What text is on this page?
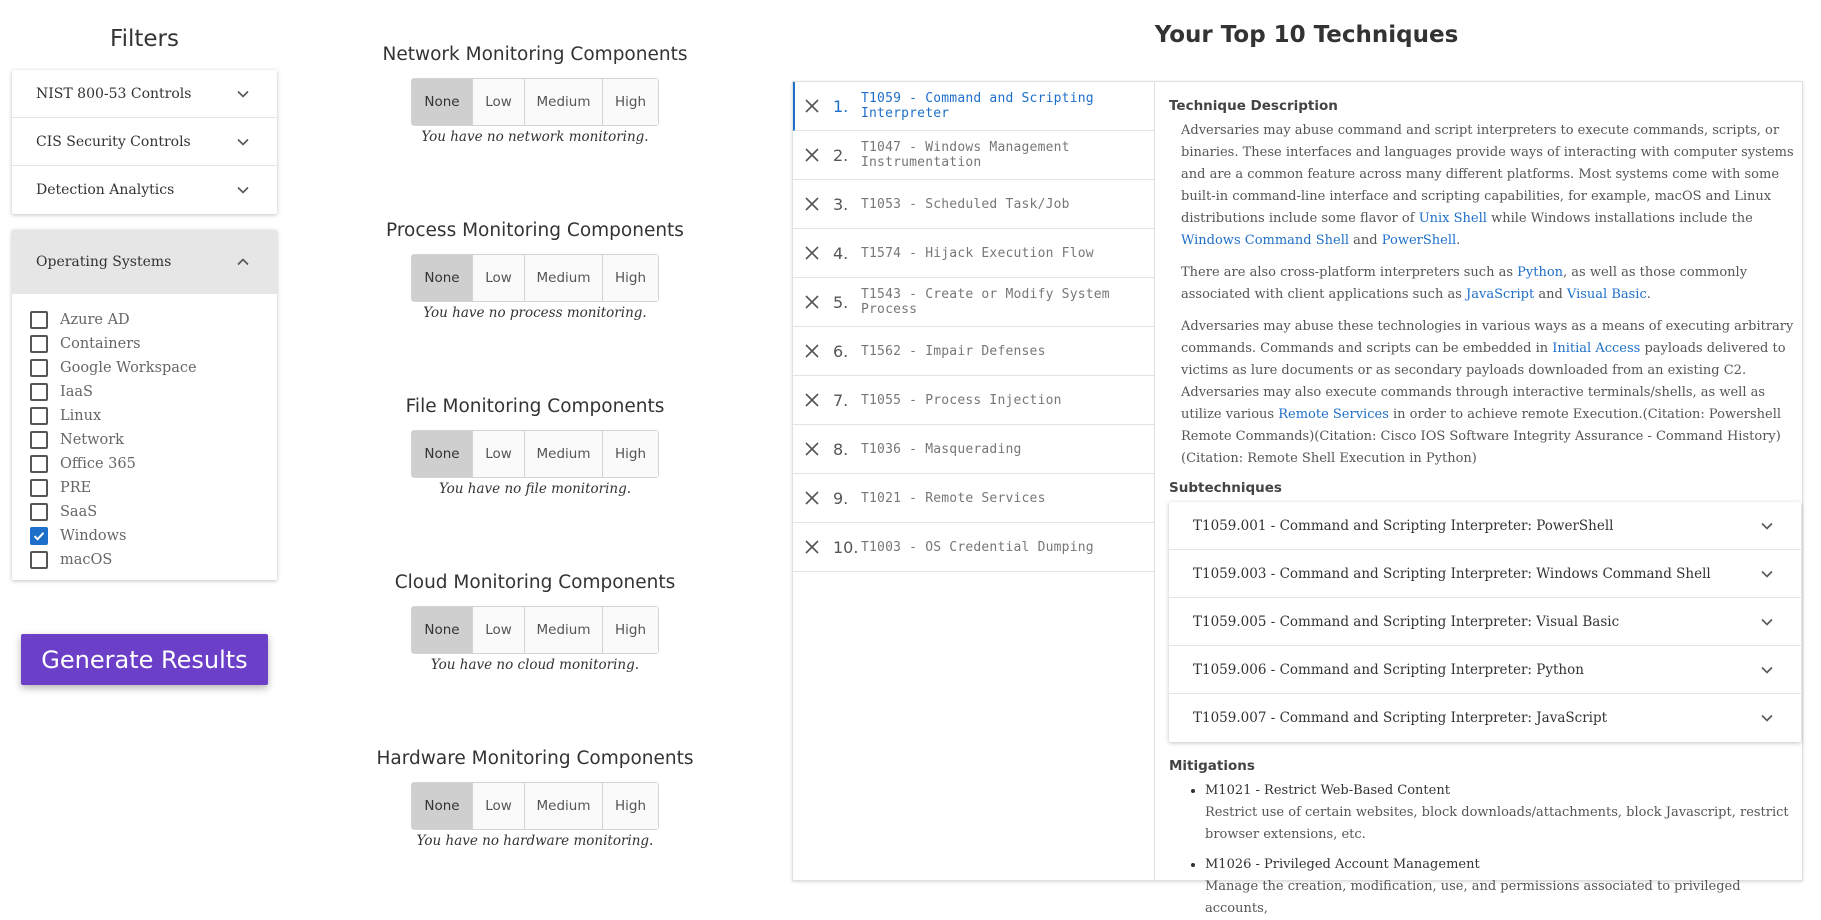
Filters
NIST 800-53 Controls
CIS Security Controls
Detection Analytics
Operating Systems
Azure AD
Containers
Google Workspace
IaaS
Linux
Network
Office 365
PRE
SaaS
Windows
macOS
Generate Results
Network Monitoring Components
None	Low	Medium	High
You have no network monitoring.
Process Monitoring Components
None	Low	Medium	High
You have no process monitoring.
File Monitoring Components
None	Low	Medium	High
You have no file monitoring.
Cloud Monitoring Components
None	Low	Medium	High
You have no cloud monitoring.
Hardware Monitoring Components
None	Low	Medium	High
You have no hardware monitoring.
Your Top 10 Techniques
1. T1059 - Command and Scripting Interpreter
2. T1047 - Windows Management Instrumentation
3. T1053 - Scheduled Task/Job
4. T1574 - Hijack Execution Flow
5. T1543 - Create or Modify System Process
6. T1562 - Impair Defenses
7. T1055 - Process Injection
8. T1036 - Masquerading
9. T1021 - Remote Services
10. T1003 - OS Credential Dumping
Technique Description

Adversaries may abuse command and script interpreters to execute commands, scripts, or binaries. These interfaces and languages provide ways of interacting with computer systems and are a common feature across many different platforms. Most systems come with some built-in command-line interface and scripting capabilities, for example, macOS and Linux distributions include some flavor of Unix Shell while Windows installations include the Windows Command Shell and PowerShell.

There are also cross-platform interpreters such as Python, as well as those commonly associated with client applications such as JavaScript and Visual Basic.

Adversaries may abuse these technologies in various ways as a means of executing arbitrary commands. Commands and scripts can be embedded in Initial Access payloads delivered to victims as lure documents or as secondary payloads downloaded from an existing C2. Adversaries may also execute commands through interactive terminals/shells, as well as utilize various Remote Services in order to achieve remote Execution.(Citation: Powershell Remote Commands)(Citation: Cisco IOS Software Integrity Assurance - Command History)(Citation: Remote Shell Execution in Python)

Subtechniques
T1059.001 - Command and Scripting Interpreter: PowerShell
T1059.003 - Command and Scripting Interpreter: Windows Command Shell
T1059.005 - Command and Scripting Interpreter: Visual Basic
T1059.006 - Command and Scripting Interpreter: Python
T1059.007 - Command and Scripting Interpreter: JavaScript
Mitigations
• M1021 - Restrict Web-Based Content
Restrict use of certain websites, block downloads/attachments, block Javascript, restrict browser extensions, etc.
• M1026 - Privileged Account Management
Manage the creation, modification, use, and permissions associated to privileged accounts,
